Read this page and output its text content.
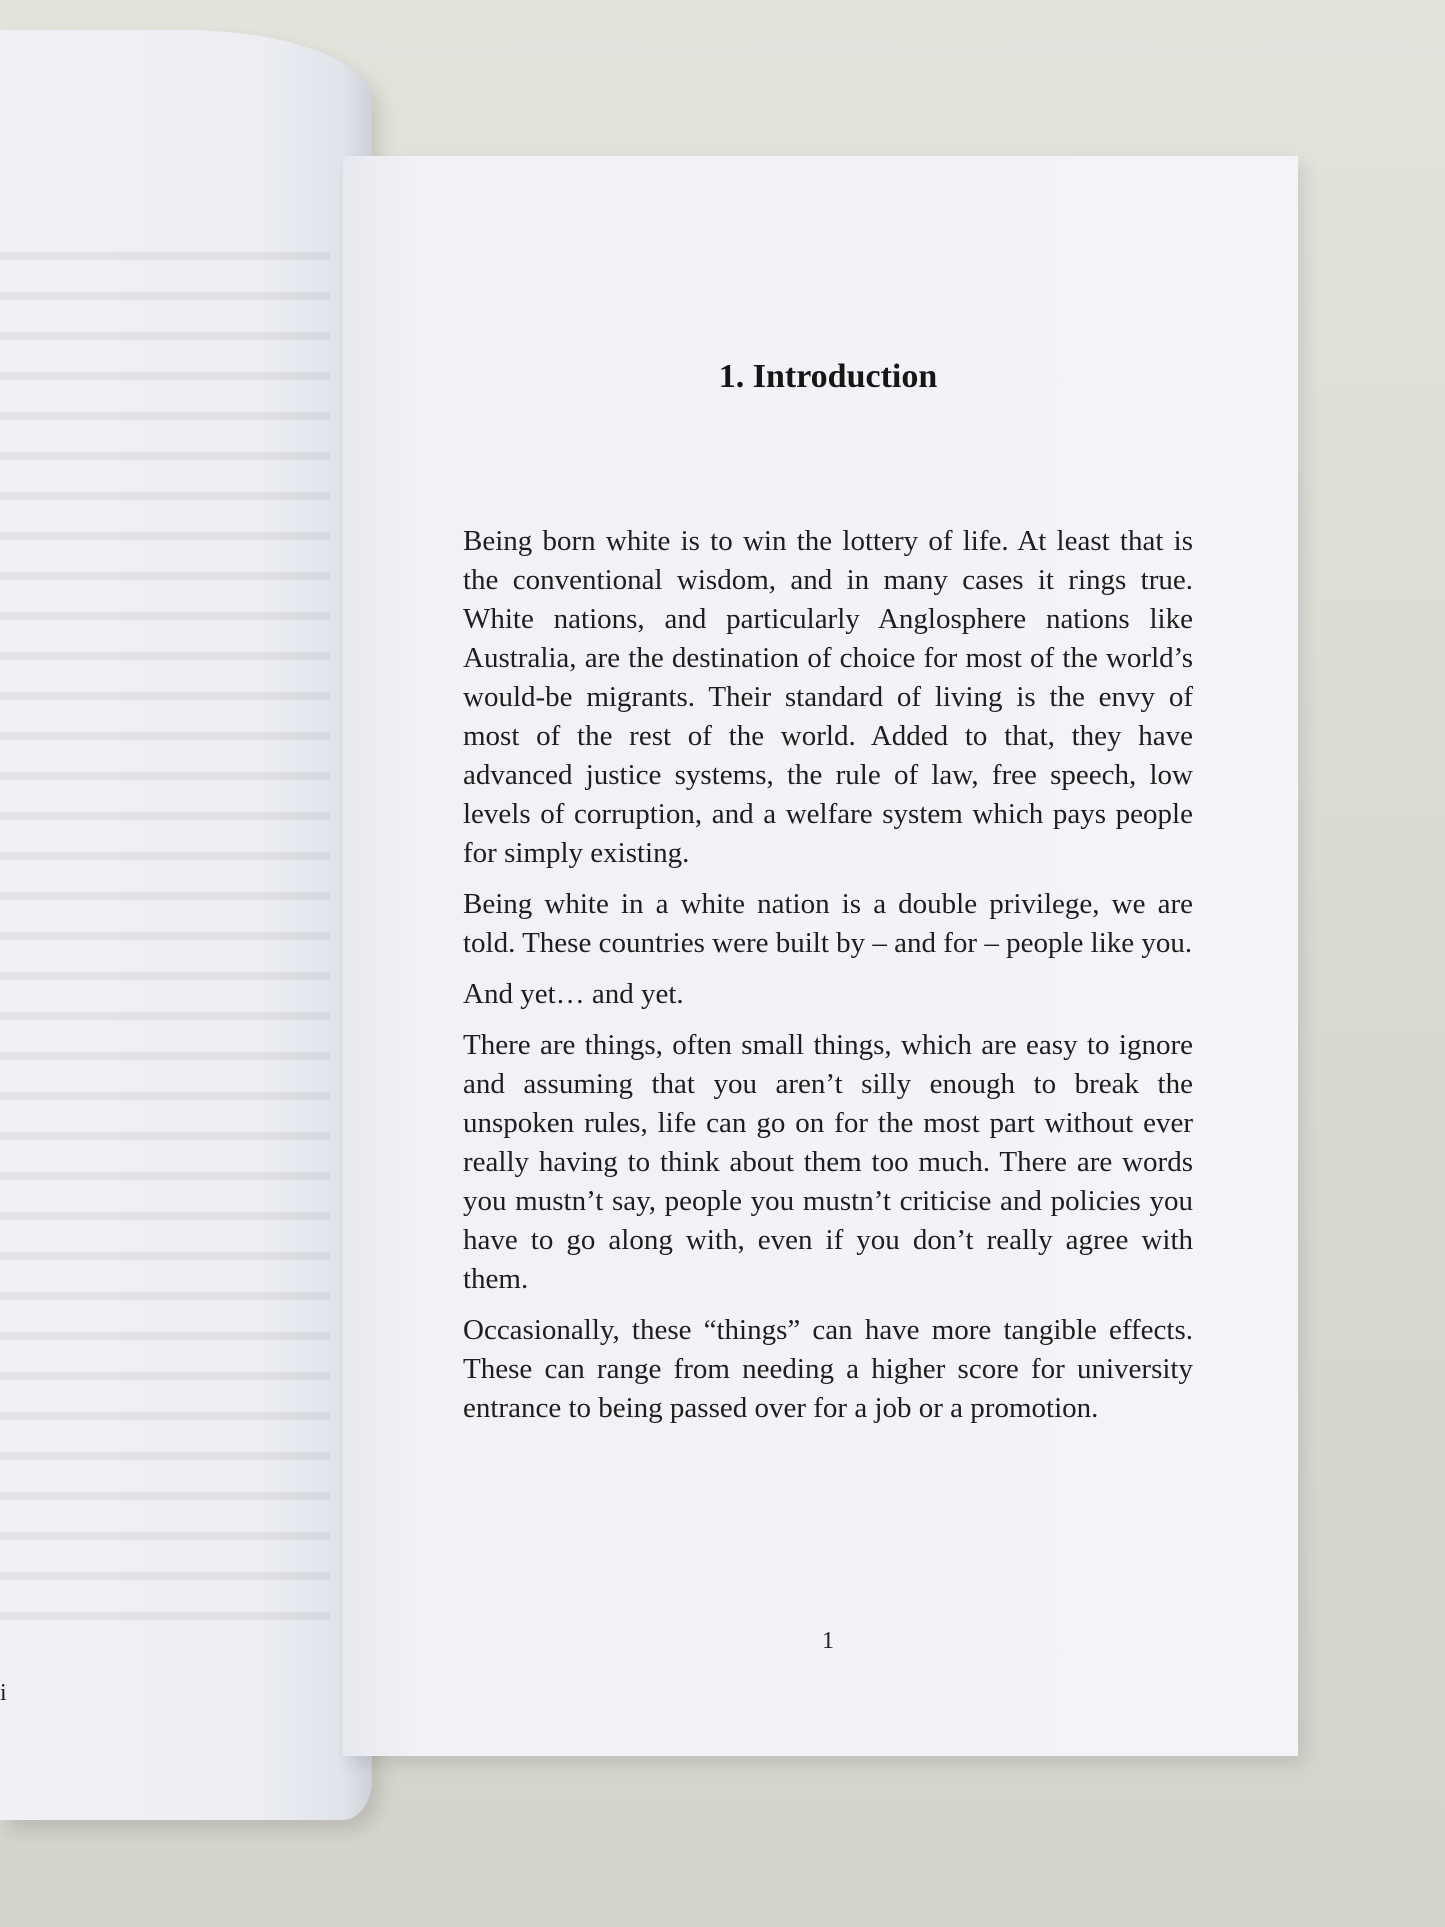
i
1. Introduction

Being born white is to win the lottery of life. At least that is the conventional wisdom, and in many cases it rings true. White nations, and particularly Anglosphere nations like Australia, are the destination of choice for most of the world’s would-be migrants. Their standard of living is the envy of most of the rest of the world. Added to that, they have advanced justice systems, the rule of law, free speech, low levels of corruption, and a welfare system which pays people for simply existing.

Being white in a white nation is a double privilege, we are told. These countries were built by – and for – people like you.

And yet… and yet.

There are things, often small things, which are easy to ignore and assuming that you aren’t silly enough to break the unspoken rules, life can go on for the most part without ever really having to think about them too much. There are words you mustn’t say, people you mustn’t criticise and policies you have to go along with, even if you don’t really agree with them.

Occasionally, these “things” can have more tangible effects. These can range from needing a higher score for university entrance to being passed over for a job or a promotion.

1
